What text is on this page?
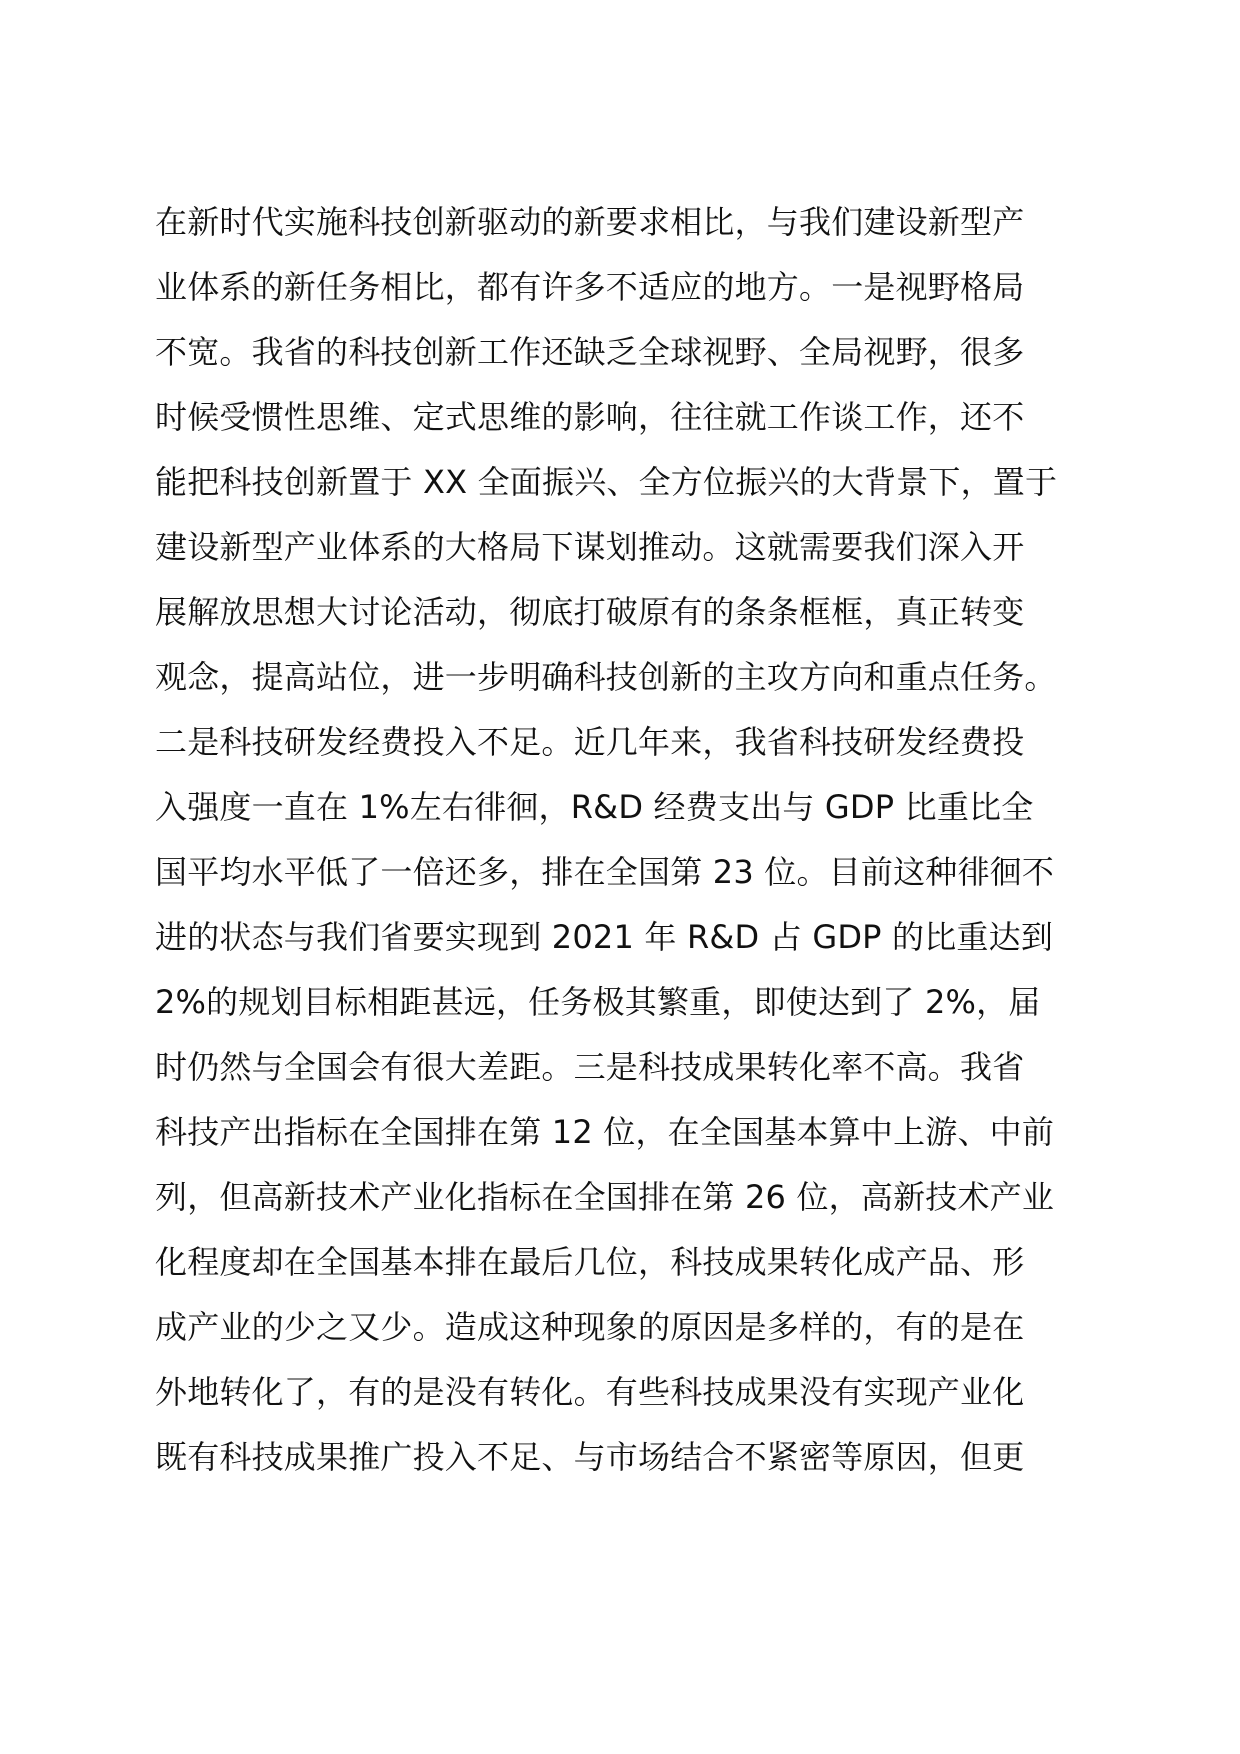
在新时代实施科技创新驱动的新要求相比，与我们建设新型产
业体系的新任务相比，都有许多不适应的地方。一是视野格局
不宽。我省的科技创新工作还缺乏全球视野、全局视野，很多
时候受惯性思维、定式思维的影响，往往就工作谈工作，还不
能把科技创新置于 XX 全面振兴、全方位振兴的大背景下，置于
建设新型产业体系的大格局下谋划推动。这就需要我们深入开
展解放思想大讨论活动，彻底打破原有的条条框框，真正转变
观念，提高站位，进一步明确科技创新的主攻方向和重点任务。
二是科技研发经费投入不足。近几年来，我省科技研发经费投
入强度一直在 1%左右徘徊，R&D 经费支出与 GDP 比重比全
国平均水平低了一倍还多，排在全国第 23 位。目前这种徘徊不
进的状态与我们省要实现到 2021 年 R&D 占 GDP 的比重达到
2%的规划目标相距甚远，任务极其繁重，即使达到了 2%，届
时仍然与全国会有很大差距。三是科技成果转化率不高。我省
科技产出指标在全国排在第 12 位，在全国基本算中上游、中前
列，但高新技术产业化指标在全国排在第 26 位，高新技术产业
化程度却在全国基本排在最后几位，科技成果转化成产品、形
成产业的少之又少。造成这种现象的原因是多样的，有的是在
外地转化了，有的是没有转化。有些科技成果没有实现产业化
既有科技成果推广投入不足、与市场结合不紧密等原因，但更
